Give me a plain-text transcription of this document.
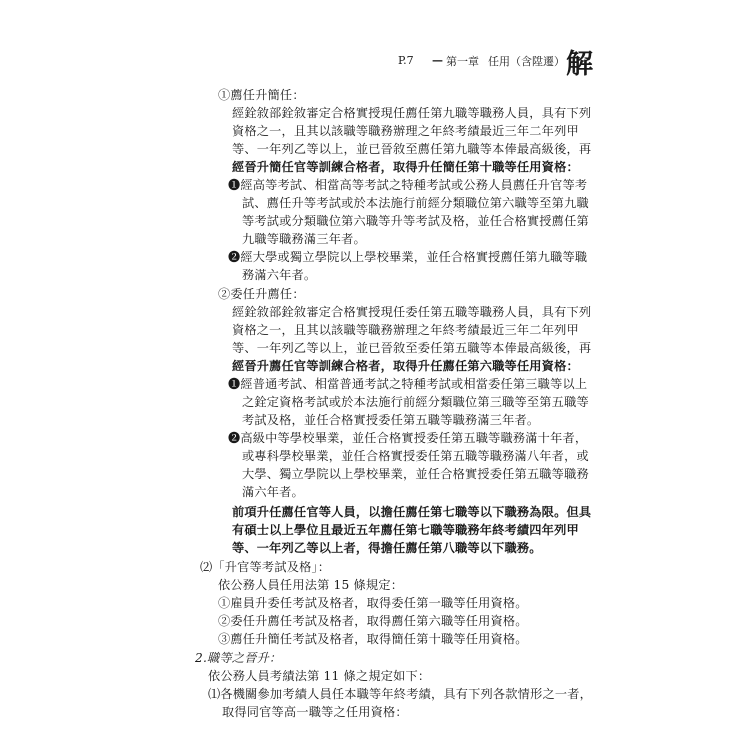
P.7 — 第一章 任用（含陞遷） 解
①薦任升簡任：
經銓敘部銓敘審定合格實授現任薦任第九職等職務人員，具有下列
資格之一，且其以該職等職務辦理之年終考績最近三年二年列甲
等、一年列乙等以上，並已晉敘至薦任第九職等本俸最高級後，再
經晉升簡任官等訓練合格者，取得升任簡任第十職等任用資格：
❶經高等考試、相當高等考試之特種考試或公務人員薦任升官等考
試、薦任升等考試或於本法施行前經分類職位第六職等至第九職
等考試或分類職位第六職等升等考試及格，並任合格實授薦任第
九職等職務滿三年者。
❷經大學或獨立學院以上學校畢業，並任合格實授薦任第九職等職
務滿六年者。
②委任升薦任：
經銓敘部銓敘審定合格實授現任委任第五職等職務人員，具有下列
資格之一，且其以該職等職務辦理之年終考績最近三年二年列甲
等、一年列乙等以上，並已晉敘至委任第五職等本俸最高級後，再
經晉升薦任官等訓練合格者，取得升任薦任第六職等任用資格：
❶經普通考試、相當普通考試之特種考試或相當委任第三職等以上
之銓定資格考試或於本法施行前經分類職位第三職等至第五職等
考試及格，並任合格實授委任第五職等職務滿三年者。
❷高級中等學校畢業，並任合格實授委任第五職等職務滿十年者，
或專科學校畢業，並任合格實授委任第五職等職務滿八年者，或
大學、獨立學院以上學校畢業，並任合格實授委任第五職等職務
滿六年者。
前項升任薦任官等人員，以擔任薦任第七職等以下職務為限。但具
有碩士以上學位且最近五年薦任第七職等職務年終考績四年列甲
等、一年列乙等以上者，得擔任薦任第八職等以下職務。
⑵「升官等考試及格」：
依公務人員任用法第 15 條規定：
①雇員升委任考試及格者，取得委任第一職等任用資格。
②委任升薦任考試及格者，取得薦任第六職等任用資格。
③薦任升簡任考試及格者，取得簡任第十職等任用資格。
2.職等之晉升：
依公務人員考績法第 11 條之規定如下：
⑴各機關參加考績人員任本職等年終考績，具有下列各款情形之一者，
取得同官等高一職等之任用資格：
